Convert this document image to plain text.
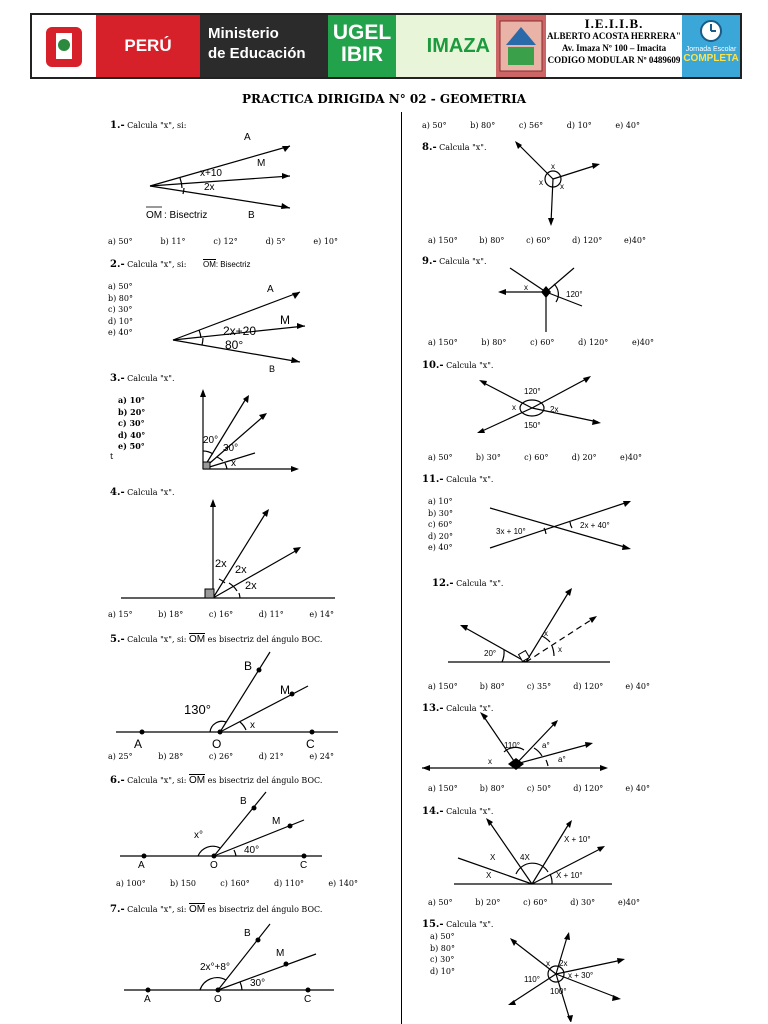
PERÚ
Ministerio
de Educación
UGEL
IBIR	IMAZA
I.E.I.I.B.
ALBERTO ACOSTA HERRERA"
Av. Imaza Nº 100 – Imacita
CODIGO MODULAR Nº 0489609
Jornada Escolar
COMPLETA
PRACTICA DIRIGIDA N° 02 - GEOMETRIA
1.- Calcula "x", si:
A
M
x+10
2x
B
OM : Bisectriz
a) 50°	b) 11°	c) 12°	d) 5°	e) 10°
2.- Calcula "x", si: OM: Bisectriz
a) 50°
b) 80°
c) 30°
d) 10°
e) 40°
A
M
2x+20
80°
B
3.- Calcula "x".
a) 10°
b) 20°
c) 30°
d) 40°
e) 50°
t
20°
30°
x
4.- Calcula "x".
2x 2x
2x
a) 15°	b) 18°	c) 16°	d) 11°	e) 14°
5.- Calcula "x", si: OM es bisectriz del ángulo BOC.
A	O	C
B
M
130°
x
a) 25°	b) 28°	c) 26°	d) 21°	e) 24°
6.- Calcula "x", si: OM es bisectriz del ángulo BOC.
A	O	C
B
M
x°
40°
a) 100°	b) 150	c) 160°	d) 110°	e) 140°
7.- Calcula "x", si: OM es bisectriz del ángulo BOC.
A	O	C
B
M
2x°+8°
30°
a) 50°	b) 80°	c) 56°	d) 10°	e) 40°
8.- Calcula "x".
x
x x
a) 150°	b) 80°	c) 60°	d) 120°	e)40°
9.- Calcula "x".
x
120°
a) 150°	b) 80°	c) 60°	d) 120°	e)40°
10.- Calcula "x".
120°
x	2x
150°
a) 50°	b) 30°	c) 60°	d) 20°	e)40°
11.- Calcula "x".
a) 10°
b) 30°
c) 60°
d) 20°
e) 40°
3x + 10°
2x + 40°
12.- Calcula "x".
20°
x
x
a) 150°	b) 80°	c) 35°	d) 120°	e) 40°
13.- Calcula "x".
110°	a°
a°
x
a) 150°	b) 80°	c) 50°	d) 120°	e) 40°
14.- Calcula "x".
X + 10°
4X
X
X	X + 10°
a) 50°	b) 20°	c) 60°	d) 30°	e)40°
15.- Calcula "x".
a) 50°
b) 80°
c) 30°
d) 10°
x 2x
x + 30°
110°
100°
